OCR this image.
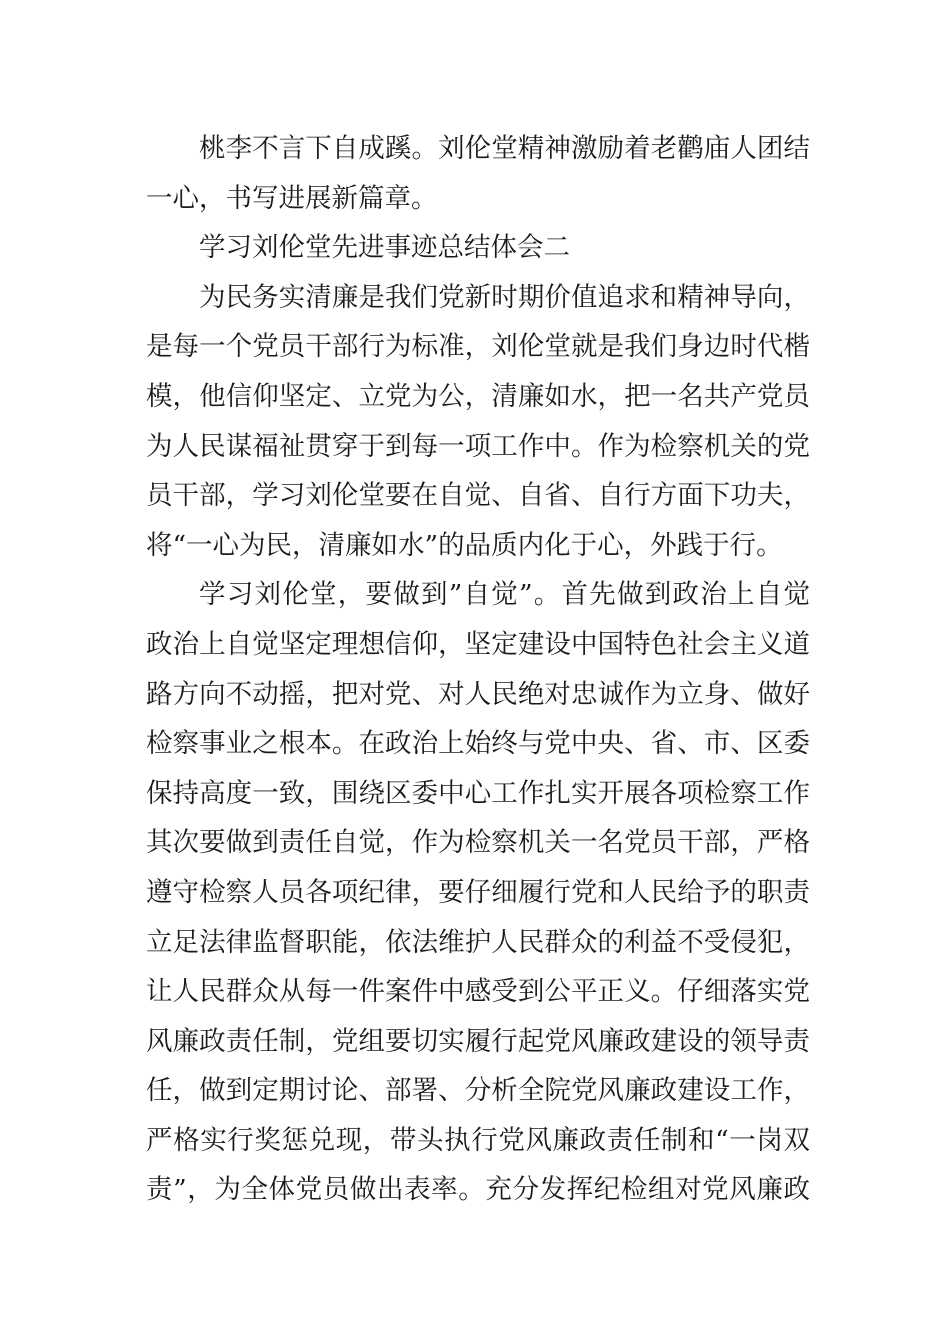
桃李不言下自成蹊。刘伦堂精神激励着老鹳庙人团结
一心，书写进展新篇章。
学习刘伦堂先进事迹总结体会二
为民务实清廉是我们党新时期价值追求和精神导向，
是每一个党员干部行为标准，刘伦堂就是我们身边时代楷
模，他信仰坚定、立党为公，清廉如水，把一名共产党员
为人民谋福祉贯穿于到每一项工作中。作为检察机关的党
员干部，学习刘伦堂要在自觉、自省、自行方面下功夫，
将“一心为民，清廉如水”的品质内化于心，外践于行。
学习刘伦堂，要做到”自觉”。首先做到政治上自觉
政治上自觉坚定理想信仰，坚定建设中国特色社会主义道
路方向不动摇，把对党、对人民绝对忠诚作为立身、做好
检察事业之根本。在政治上始终与党中央、省、市、区委
保持高度一致，围绕区委中心工作扎实开展各项检察工作
其次要做到责任自觉，作为检察机关一名党员干部，严格
遵守检察人员各项纪律，要仔细履行党和人民给予的职责
立足法律监督职能，依法维护人民群众的利益不受侵犯，
让人民群众从每一件案件中感受到公平正义。仔细落实党
风廉政责任制，党组要切实履行起党风廉政建设的领导责
任，做到定期讨论、部署、分析全院党风廉政建设工作，
严格实行奖惩兑现，带头执行党风廉政责任制和“一岗双
责”，为全体党员做出表率。充分发挥纪检组对党风廉政
